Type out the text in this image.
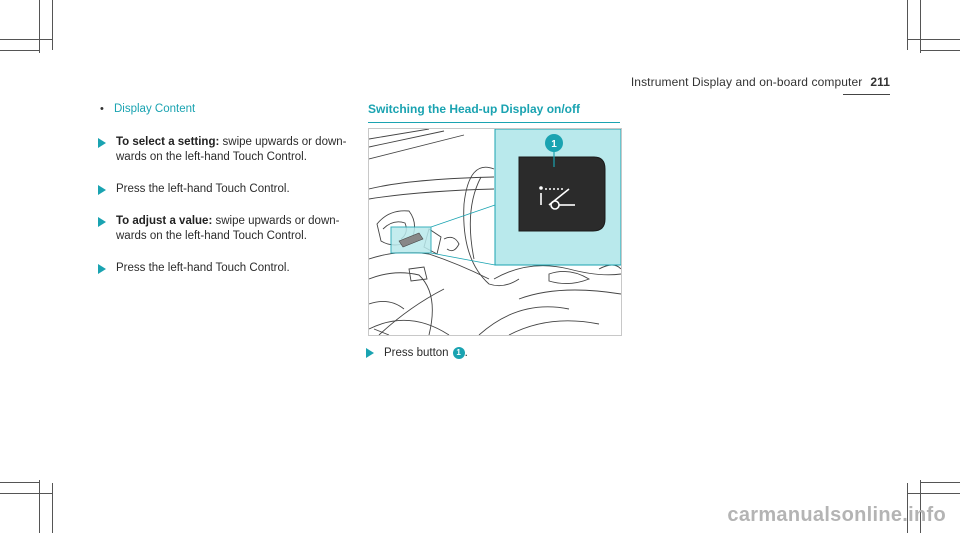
Instrument Display and on-board computer 211
• Display Content
To select a setting: swipe upwards or down-wards on the left-hand Touch Control.
Press the left-hand Touch Control.
To adjust a value: swipe upwards or down-wards on the left-hand Touch Control.
Press the left-hand Touch Control.
Switching the Head-up Display on/off
1
Press button 1 .
carmanualsonline.info
